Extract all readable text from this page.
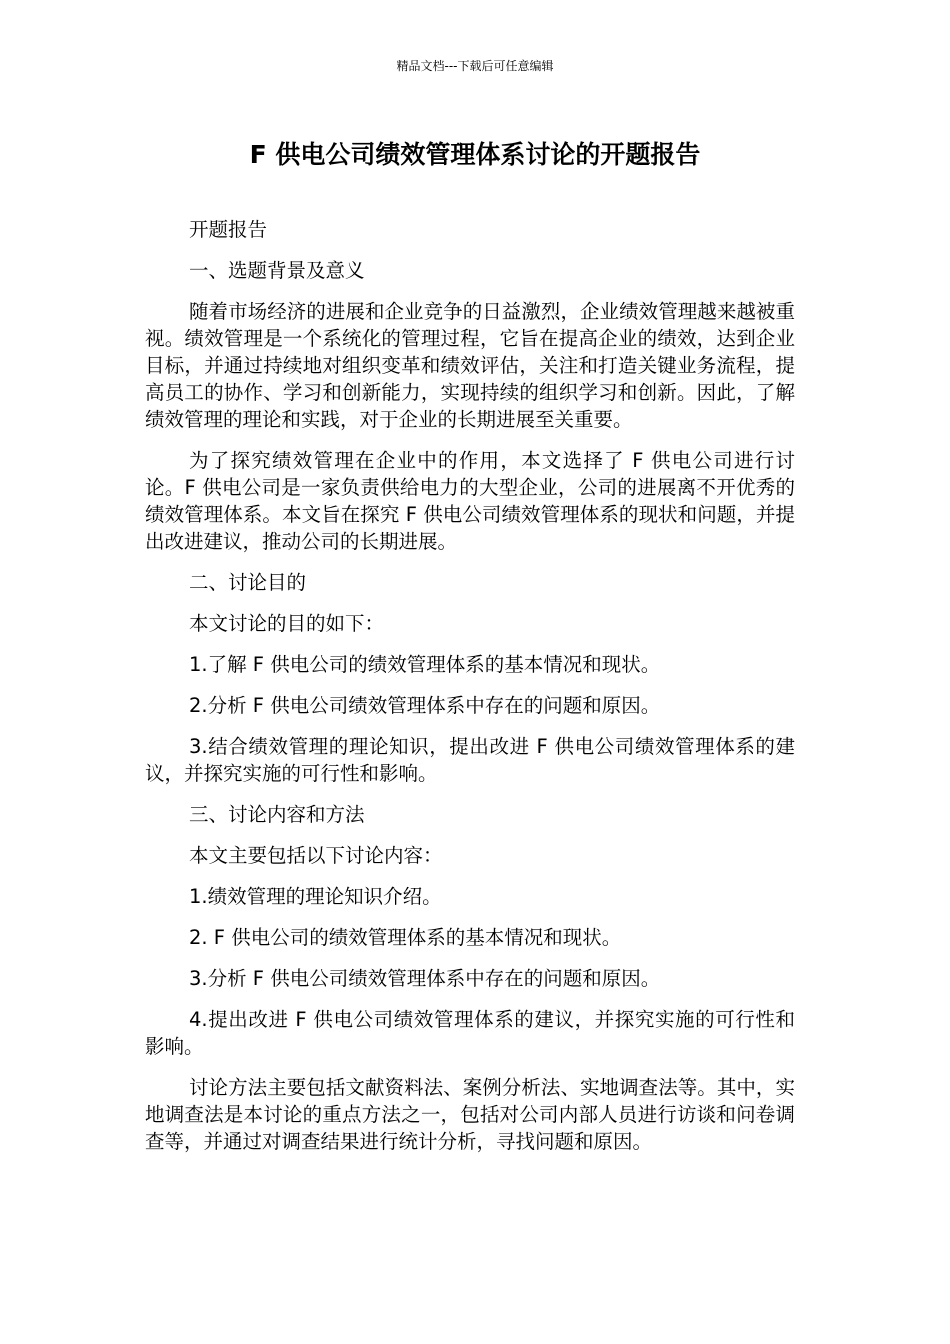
精品文档---下载后可任意编辑
F 供电公司绩效管理体系讨论的开题报告

开题报告

一、选题背景及意义

随着市场经济的进展和企业竞争的日益激烈，企业绩效管理越来越被重视。绩效管理是一个系统化的管理过程，它旨在提高企业的绩效，达到企业目标，并通过持续地对组织变革和绩效评估，关注和打造关键业务流程，提高员工的协作、学习和创新能力，实现持续的组织学习和创新。因此，了解绩效管理的理论和实践，对于企业的长期进展至关重要。

为了探究绩效管理在企业中的作用，本文选择了 F 供电公司进行讨论。F 供电公司是一家负责供给电力的大型企业，公司的进展离不开优秀的绩效管理体系。本文旨在探究 F 供电公司绩效管理体系的现状和问题，并提出改进建议，推动公司的长期进展。

二、讨论目的

本文讨论的目的如下：

1.了解 F 供电公司的绩效管理体系的基本情况和现状。

2.分析 F 供电公司绩效管理体系中存在的问题和原因。

3.结合绩效管理的理论知识，提出改进 F 供电公司绩效管理体系的建议，并探究实施的可行性和影响。

三、讨论内容和方法

本文主要包括以下讨论内容：

1.绩效管理的理论知识介绍。

2. F 供电公司的绩效管理体系的基本情况和现状。

3.分析 F 供电公司绩效管理体系中存在的问题和原因。

4.提出改进 F 供电公司绩效管理体系的建议，并探究实施的可行性和影响。

讨论方法主要包括文献资料法、案例分析法、实地调查法等。其中，实地调查法是本讨论的重点方法之一，包括对公司内部人员进行访谈和问卷调查等，并通过对调查结果进行统计分析，寻找问题和原因。
